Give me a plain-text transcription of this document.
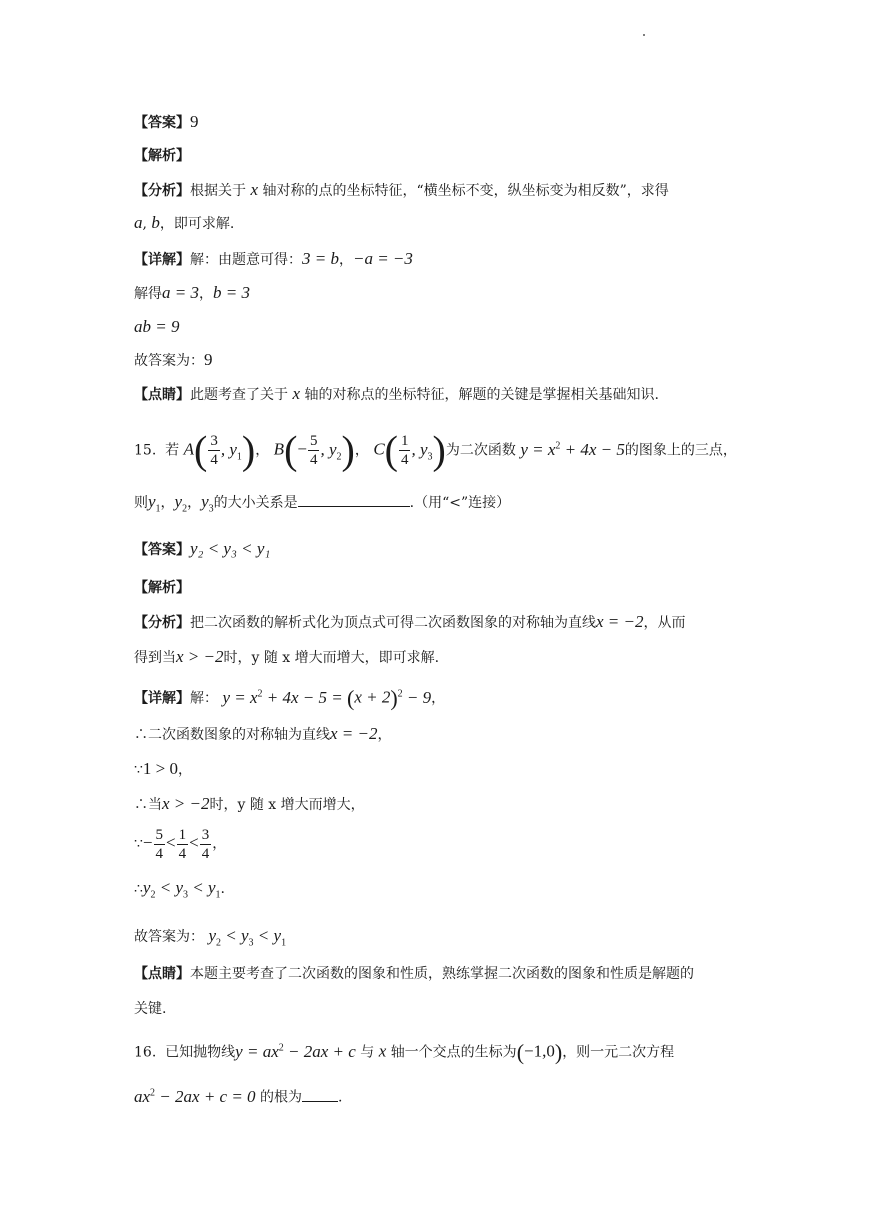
【答案】9
【解析】
【分析】根据关于 x 轴对称的点的坐标特征，“横坐标不变，纵坐标变为相反数”，求得
a, b，即可求解.
【详解】解：由题意可得：3 = b，−a = −3
解得a = 3，b = 3
ab = 9
故答案为：9
【点睛】此题考查了关于 x 轴的对称点的坐标特征，解题的关键是掌握相关基础知识.
15. 若 $A( \frac{3}{4}$ , $y_1$)， $B(- \frac{5}{4}$ , $y_2$)， $C( \frac{1}{4}$ , $y_3$)为二次函数 $y = x^2 + 4x - 5$的图象上的三点，
则$y_1$，$y_2$，$y_3$的大小关系是	.（用“<”连接）
【答案】y₂ < y₃ < y₁
【解析】
【分析】把二次函数的解析式化为顶点式可得二次函数图象的对称轴为直线x = −2，从而
得到当x > −2时，y 随 x 增大而增大，即可求解.
【详解】解： $y = x^2 + 4x - 5 = (x + 2)^2 - 9$，
∴二次函数图象的对称轴为直线x = −2，
∵1 > 0，
∴当x > −2时，y 随 x 增大而增大，
∵− $\frac{5}{4} < \frac{1}{4} < \frac{3}{4}$ ，
$\therefore y_2 < y_3 < y_1$.
故答案为： $y_2 < y_3 < y_1$
【点睛】本题主要考查了二次函数的图象和性质，熟练掌握二次函数的图象和性质是解题的
关键.
16. 已知抛物线$y = ax^2 - 2ax + c$ 与 x 轴一个交点的生标为(−1,0)，则一元二次方程
$ax^2 - 2ax + c = 0$ 的根为	.
